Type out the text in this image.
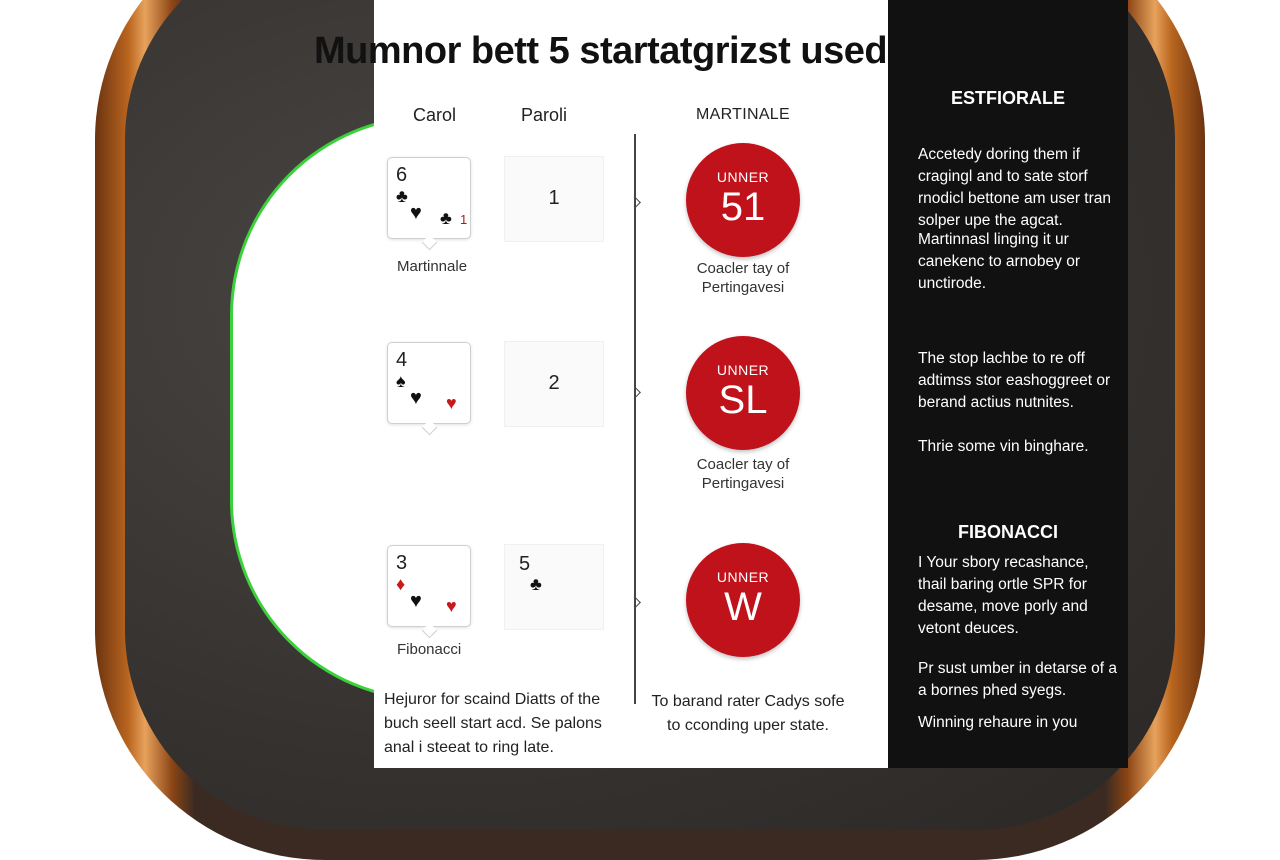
Mumnor bett 5 startatgrizst used
Carol	Paroli	MARTINALE
6
♣
♥ ♣ 1
1
Martinnale
UNNER
51
Coacler tay of Pertingavesi
4
♠
♥ ♥
2
UNNER
SL
Coacler tay of Pertingavesi
3
♦
♥ ♥
5
♣
Fibonacci
UNNER
W
Hejuror for scaind Diatts of the buch seell start acd. Se palons anal i steeat to ring late.
To barand rater Cadys sofe to cconding uper state.
ESTFIORALE
Accetedy doring them if cragingl and to sate storf rnodicl bettone am user tran solper upe the agcat.
Martinnasl linging it ur canekenc to arnobey or unctirode.
The stop lachbe to re off adtimss stor eashoggreet or berand actius nutnites.
Thrie some vin binghare.
FIBONACCI
I Your sbory recashance, thail baring ortle SPR for desame, move porly and vetont deuces.
Pr sust umber in detarse of a a bornes phed syegs.
Winning rehaure in you
